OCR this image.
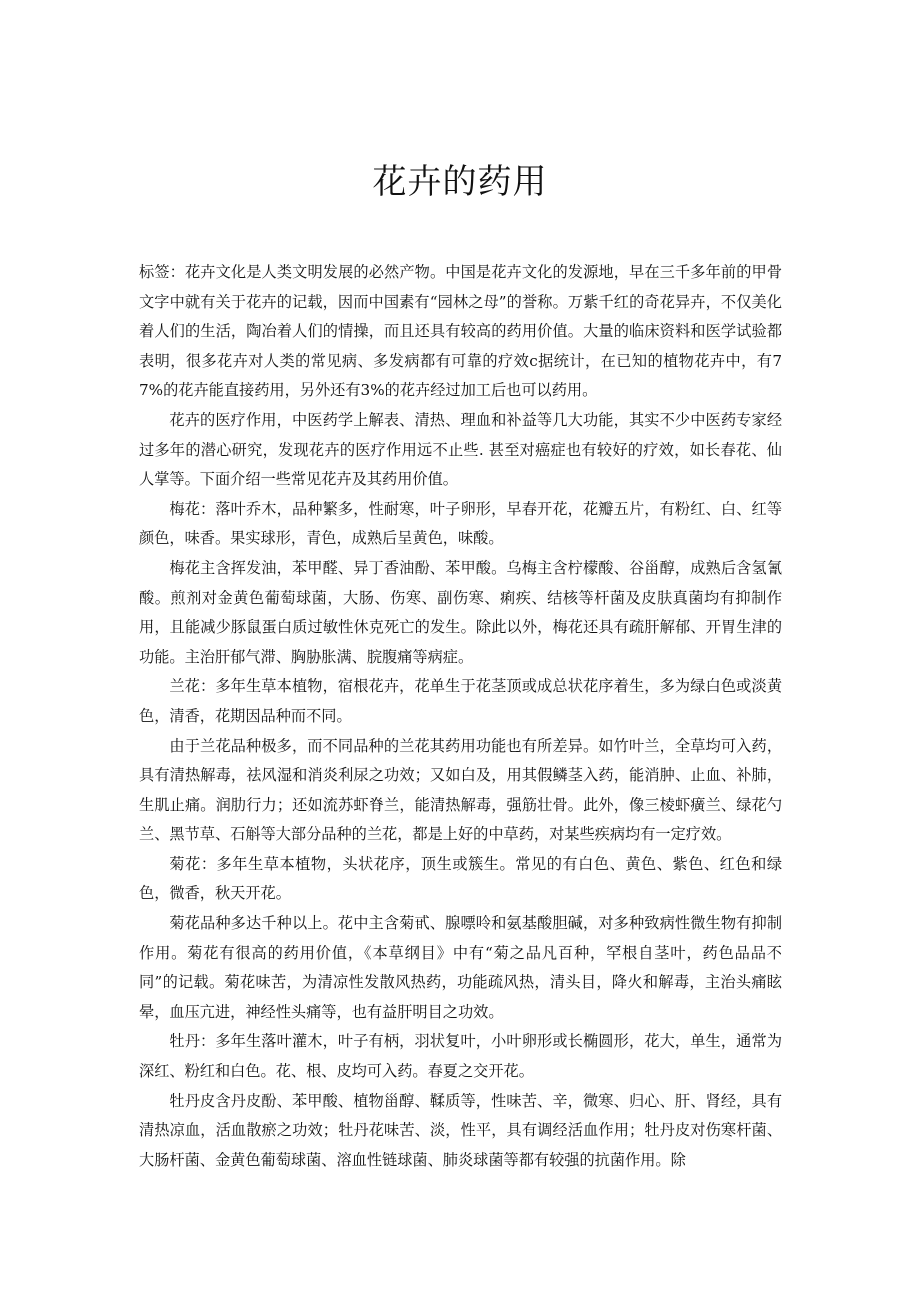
花卉的药用

标签：花卉文化是人类文明发展的必然产物。中国是花卉文化的发源地，早在三千多年前的甲骨文字中就有关于花卉的记载，因而中国素有“园林之母”的誉称。万紫千红的奇花异卉，不仅美化着人们的生活，陶冶着人们的情操，而且还具有较高的药用价值。大量的临床资料和医学试验都表明，很多花卉对人类的常见病、多发病都有可靠的疗效c据统计，在已知的植物花卉中，有77%的花卉能直接药用，另外还有3%的花卉经过加工后也可以药用。

花卉的医疗作用，中医药学上解表、清热、理血和补益等几大功能，其实不少中医药专家经过多年的潜心研究，发现花卉的医疗作用远不止些. 甚至对癌症也有较好的疗效，如长春花、仙人掌等。下面介绍一些常见花卉及其药用价值。

梅花：落叶乔木，品种繁多，性耐寒，叶子卵形，早春开花，花瓣五片，有粉红、白、红等颜色，味香。果实球形，青色，成熟后呈黄色，味酸。

梅花主含挥发油，苯甲醛、异丁香油酚、苯甲酸。乌梅主含柠檬酸、谷甾醇，成熟后含氢氰酸。煎剂对金黄色葡萄球菌，大肠、伤寒、副伤寒、痢疾、结核等杆菌及皮肤真菌均有抑制作用，且能减少豚鼠蛋白质过敏性休克死亡的发生。除此以外，梅花还具有疏肝解郁、开胃生津的功能。主治肝郁气滞、胸胁胀满、脘腹痛等病症。

兰花：多年生草本植物，宿根花卉，花单生于花茎顶或成总状花序着生，多为绿白色或淡黄色，清香，花期因品种而不同。

由于兰花品种极多，而不同品种的兰花其药用功能也有所差异。如竹叶兰，全草均可入药，具有清热解毒，祛风湿和消炎利尿之功效；又如白及，用其假鳞茎入药，能消肿、止血、补肺，生肌止痛。润肋行力；还如流苏虾脊兰，能清热解毒，强筋壮骨。此外，像三棱虾癀兰、绿花勺兰、黑节草、石斛等大部分品种的兰花，都是上好的中草药，对某些疾病均有一定疗效。

菊花：多年生草本植物，头状花序，顶生或簇生。常见的有白色、黄色、紫色、红色和绿色，微香，秋天开花。

菊花品种多达千种以上。花中主含菊甙、腺嘌呤和氨基酸胆碱，对多种致病性微生物有抑制作用。菊花有很高的药用价值，《本草纲目》中有“菊之品凡百种，罕根自茎叶，药色品品不同”的记载。菊花味苦，为清凉性发散风热药，功能疏风热，清头目，降火和解毒，主治头痛眩晕，血压亢进，神经性头痛等，也有益肝明目之功效。

牡丹：多年生落叶灌木，叶子有柄，羽状复叶，小叶卵形或长椭圆形，花大，单生，通常为深红、粉红和白色。花、根、皮均可入药。春夏之交开花。

牡丹皮含丹皮酚、苯甲酸、植物甾醇、鞣质等，性味苦、辛，微寒、归心、肝、肾经，具有清热凉血，活血散瘀之功效；牡丹花味苦、淡，性平，具有调经活血作用；牡丹皮对伤寒杆菌、大肠杆菌、金黄色葡萄球菌、溶血性链球菌、肺炎球菌等都有较强的抗菌作用。除
